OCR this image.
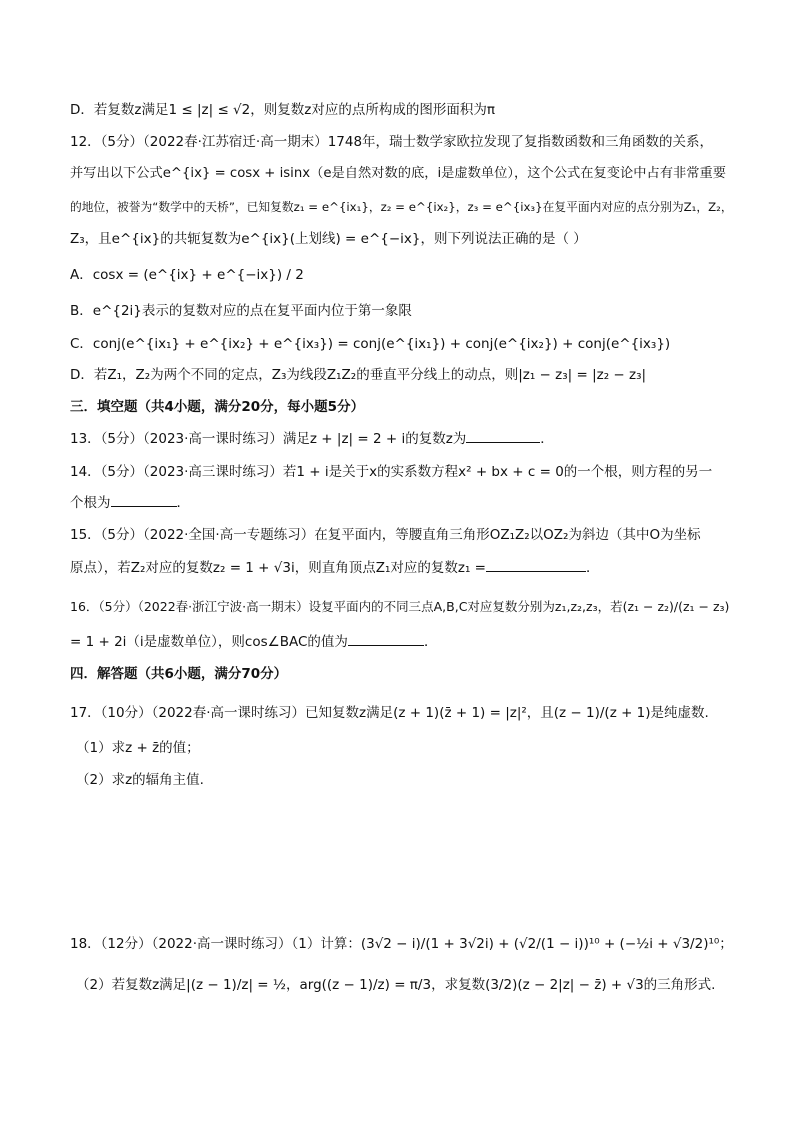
D．若复数z满足1 ≤ |z| ≤ √2，则复数z对应的点所构成的图形面积为π
12．（5分）（2022春·江苏宿迁·高一期末）1748年，瑞士数学家欧拉发现了复指数函数和三角函数的关系，
并写出以下公式e^{ix} = cosx + isinx（e是自然对数的底，i是虚数单位），这个公式在复变论中占有非常重要
的地位，被誉为“数学中的天桥”，已知复数z₁ = e^{ix₁}，z₂ = e^{ix₂}，z₃ = e^{ix₃}在复平面内对应的点分别为Z₁，Z₂，
Z₃，且e^{ix}的共轭复数为e^{ix}(上划线) = e^{−ix}，则下列说法正确的是（ ）
A．cosx = (e^{ix} + e^{−ix}) / 2
B．e^{2i}表示的复数对应的点在复平面内位于第一象限
C．conj(e^{ix₁} + e^{ix₂} + e^{ix₃}) = conj(e^{ix₁}) + conj(e^{ix₂}) + conj(e^{ix₃})
D．若Z₁，Z₂为两个不同的定点，Z₃为线段Z₁Z₂的垂直平分线上的动点，则|z₁ − z₃| = |z₂ − z₃|
三．填空题（共4小题，满分20分，每小题5分）
13．（5分）（2023·高一课时练习）满足z + |z| = 2 + i的复数z为	．
14．（5分）（2023·高三课时练习）若1 + i是关于x的实系数方程x² + bx + c = 0的一个根，则方程的另一
个根为	．
15．（5分）（2022·全国·高一专题练习）在复平面内，等腰直角三角形OZ₁Z₂以OZ₂为斜边（其中O为坐标
原点），若Z₂对应的复数z₂ = 1 + √3i，则直角顶点Z₁对应的复数z₁ =	．
16．（5分）（2022春·浙江宁波·高一期末）设复平面内的不同三点A,B,C对应复数分别为z₁,z₂,z₃，若(z₁ − z₂)/(z₁ − z₃)
= 1 + 2i（i是虚数单位），则cos∠BAC的值为	．
四．解答题（共6小题，满分70分）
17．（10分）（2022春·高一课时练习）已知复数z满足(z + 1)(z̄ + 1) = |z|²，且(z − 1)/(z + 1)是纯虚数.
（1）求z + z̄的值；
（2）求z的辐角主值.
18．（12分）（2022·高一课时练习）（1）计算：(3√2 − i)/(1 + 3√2i) + (√2/(1 − i))¹⁰ + (−½i + √3/2)¹⁰；
（2）若复数z满足|(z − 1)/z| = ½，arg((z − 1)/z) = π/3，求复数(3/2)(z − 2|z| − z̄) + √3的三角形式.
